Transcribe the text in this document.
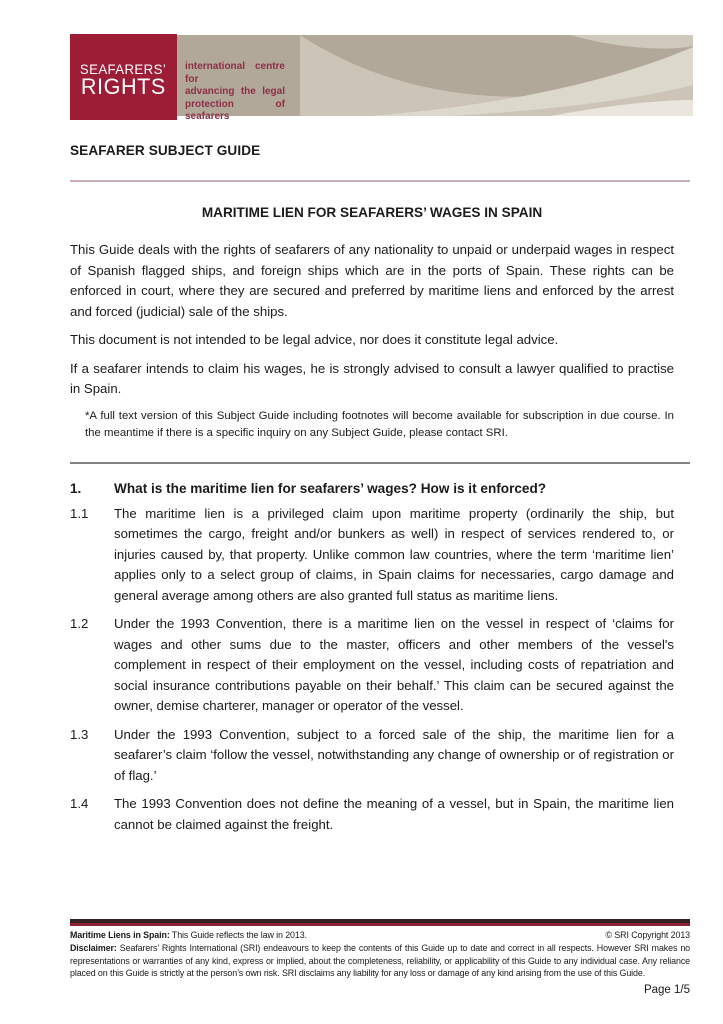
SEAFARERS’
RIGHTS
international centre for
advancing the legal
protection of seafarers
SEAFARER SUBJECT GUIDE
MARITIME LIEN FOR SEAFARERS’ WAGES IN SPAIN

This Guide deals with the rights of seafarers of any nationality to unpaid or underpaid wages in respect of Spanish flagged ships, and foreign ships which are in the ports of Spain. These rights can be enforced in court, where they are secured and preferred by maritime liens and enforced by the arrest and forced (judicial) sale of the ships.

This document is not intended to be legal advice, nor does it constitute legal advice.

If a seafarer intends to claim his wages, he is strongly advised to consult a lawyer qualified to practise in Spain.

*A full text version of this Subject Guide including footnotes will become available for subscription in due course. In the meantime if there is a specific inquiry on any Subject Guide, please contact SRI.
1.	What is the maritime lien for seafarers’ wages? How is it enforced?
1.1	The maritime lien is a privileged claim upon maritime property (ordinarily the ship, but sometimes the cargo, freight and/or bunkers as well) in respect of services rendered to, or injuries caused by, that property. Unlike common law countries, where the term ‘maritime lien’ applies only to a select group of claims, in Spain claims for necessaries, cargo damage and general average among others are also granted full status as maritime liens.
1.2	Under the 1993 Convention, there is a maritime lien on the vessel in respect of ‘claims for wages and other sums due to the master, officers and other members of the vessel's complement in respect of their employment on the vessel, including costs of repatriation and social insurance contributions payable on their behalf.’ This claim can be secured against the owner, demise charterer, manager or operator of the vessel.
1.3	Under the 1993 Convention, subject to a forced sale of the ship, the maritime lien for a seafarer’s claim ‘follow the vessel, notwithstanding any change of ownership or of registration or of flag.’
1.4	The 1993 Convention does not define the meaning of a vessel, but in Spain, the maritime lien cannot be claimed against the freight.
Maritime Liens in Spain: This Guide reflects the law in 2013.	© SRI Copyright 2013
Disclaimer: Seafarers’ Rights International (SRI) endeavours to keep the contents of this Guide up to date and correct in all respects. However SRI makes no representations or warranties of any kind, express or implied, about the completeness, reliability, or applicability of this Guide to any individual case. Any reliance placed on this Guide is strictly at the person’s own risk. SRI disclaims any liability for any loss or damage of any kind arising from the use of this Guide.
Page 1/5
